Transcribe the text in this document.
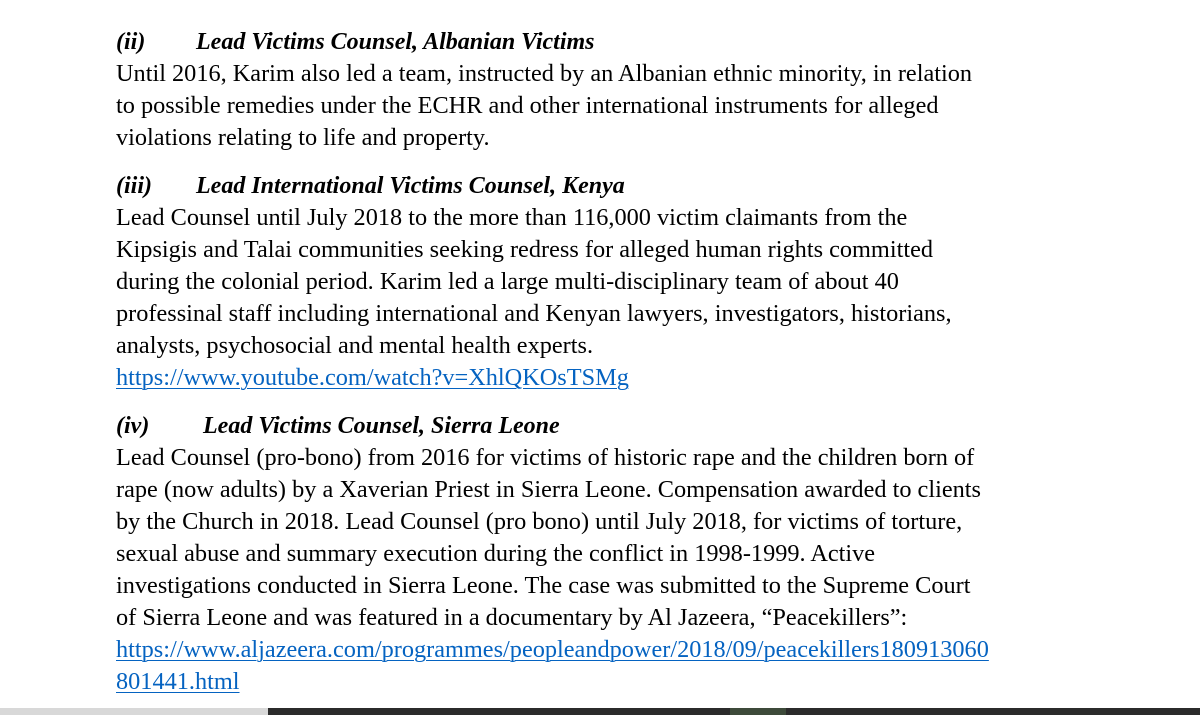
(ii) Lead Victims Counsel, Albanian Victims

Until 2016, Karim also led a team, instructed by an Albanian ethnic minority, in relation

to possible remedies under the ECHR and other international instruments for alleged

violations relating to life and property.

(iii) Lead International Victims Counsel, Kenya

Lead Counsel until July 2018 to the more than 116,000 victim claimants from the

Kipsigis and Talai communities seeking redress for alleged human rights committed

during the colonial period. Karim led a large multi-disciplinary team of about 40

professinal staff including international and Kenyan lawyers, investigators, historians,

analysts, psychosocial and mental health experts.

https://www.youtube.com/watch?v=XhlQKOsTSMg

(iv) Lead Victims Counsel, Sierra Leone

Lead Counsel (pro-bono) from 2016 for victims of historic rape and the children born of

rape (now adults) by a Xaverian Priest in Sierra Leone. Compensation awarded to clients

by the Church in 2018. Lead Counsel (pro bono) until July 2018, for victims of torture,

sexual abuse and summary execution during the conflict in 1998-1999. Active

investigations conducted in Sierra Leone. The case was submitted to the Supreme Court

of Sierra Leone and was featured in a documentary by Al Jazeera, “Peacekillers”:

https://www.aljazeera.com/programmes/peopleandpower/2018/09/peacekillers180913060

801441.html
